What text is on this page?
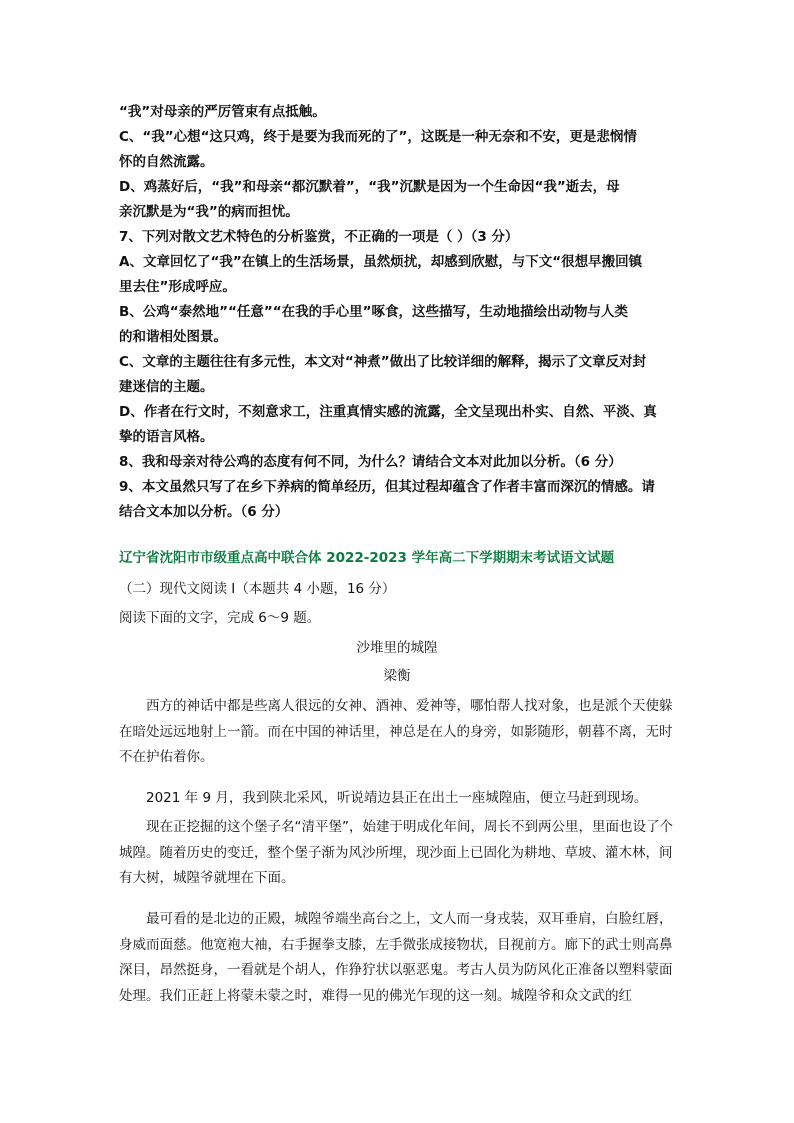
“我”对母亲的严厉管束有点抵触。
C、“我”心想“这只鸡，终于是要为我而死的了”，这既是一种无奈和不安，更是悲悯情
怀的自然流露。
D、鸡蒸好后，“我”和母亲“都沉默着”，“我”沉默是因为一个生命因“我”逝去，母
亲沉默是为“我”的病而担忧。
7、下列对散文艺术特色的分析鉴赏，不正确的一项是（ ）（3 分）
A、文章回忆了“我”在镇上的生活场景，虽然烦扰，却感到欣慰，与下文“很想早搬回镇
里去住”形成呼应。
B、公鸡“泰然地”“任意”“在我的手心里”啄食，这些描写，生动地描绘出动物与人类
的和谐相处图景。
C、文章的主题往往有多元性，本文对“神煮”做出了比较详细的解释，揭示了文章反对封
建迷信的主题。
D、作者在行文时，不刻意求工，注重真情实感的流露，全文呈现出朴实、自然、平淡、真
挚的语言风格。
8、我和母亲对待公鸡的态度有何不同，为什么？请结合文本对此加以分析。（6 分）
9、本文虽然只写了在乡下养病的简单经历，但其过程却蕴含了作者丰富而深沉的情感。请
结合文本加以分析。（6 分）
辽宁省沈阳市市级重点高中联合体 2022-2023 学年高二下学期期末考试语文试题
（二）现代文阅读 I（本题共 4 小题，16 分）
阅读下面的文字，完成 6～9 题。
沙堆里的城隍
梁衡
西方的神话中都是些离人很远的女神、酒神、爱神等，哪怕帮人找对象，也是派个天使躲在暗处远远地射上一箭。而在中国的神话里，神总是在人的身旁，如影随形，朝暮不离，无时不在护佑着你。
2021 年 9 月，我到陕北采风，听说靖边县正在出土一座城隍庙，便立马赶到现场。
现在正挖掘的这个堡子名“清平堡”，始建于明成化年间，周长不到两公里，里面也设了个城隍。随着历史的变迁，整个堡子渐为风沙所埋，现沙面上已固化为耕地、草坡、灌木林，间有大树，城隍爷就埋在下面。
最可看的是北边的正殿，城隍爷端坐高台之上，文人而一身戎装，双耳垂肩，白脸红唇，身威而面慈。他宽袍大袖，右手握拳支膝，左手微张成接物状，目视前方。廊下的武士则高鼻深目，昂然挺身，一看就是个胡人，作狰狞状以驱恶鬼。考古人员为防风化正准备以塑料蒙面处理。我们正赶上将蒙未蒙之时，难得一见的佛光乍现的这一刻。城隍爷和众文武的红
